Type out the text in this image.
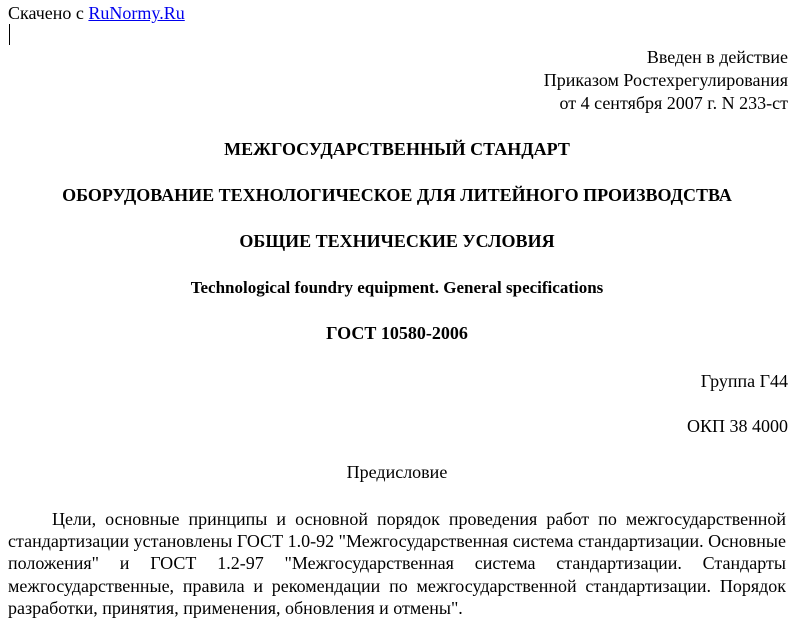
Скачено с RuNormy.Ru
Введен в действие
Приказом Ростехрегулирования
от 4 сентября 2007 г. N 233-ст
МЕЖГОСУДАРСТВЕННЫЙ СТАНДАРТ
ОБОРУДОВАНИЕ ТЕХНОЛОГИЧЕСКОЕ ДЛЯ ЛИТЕЙНОГО ПРОИЗВОДСТВА
ОБЩИЕ ТЕХНИЧЕСКИЕ УСЛОВИЯ
Technological foundry equipment. General specifications
ГОСТ 10580-2006
Группа Г44
ОКП 38 4000
Предисловие
Цели, основные принципы и основной порядок проведения работ по межгосударственной стандартизации установлены ГОСТ 1.0-92 "Межгосударственная система стандартизации. Основные положения" и ГОСТ 1.2-97 "Межгосударственная система стандартизации. Стандарты межгосударственные, правила и рекомендации по межгосударственной стандартизации. Порядок разработки, принятия, применения, обновления и отмены".
